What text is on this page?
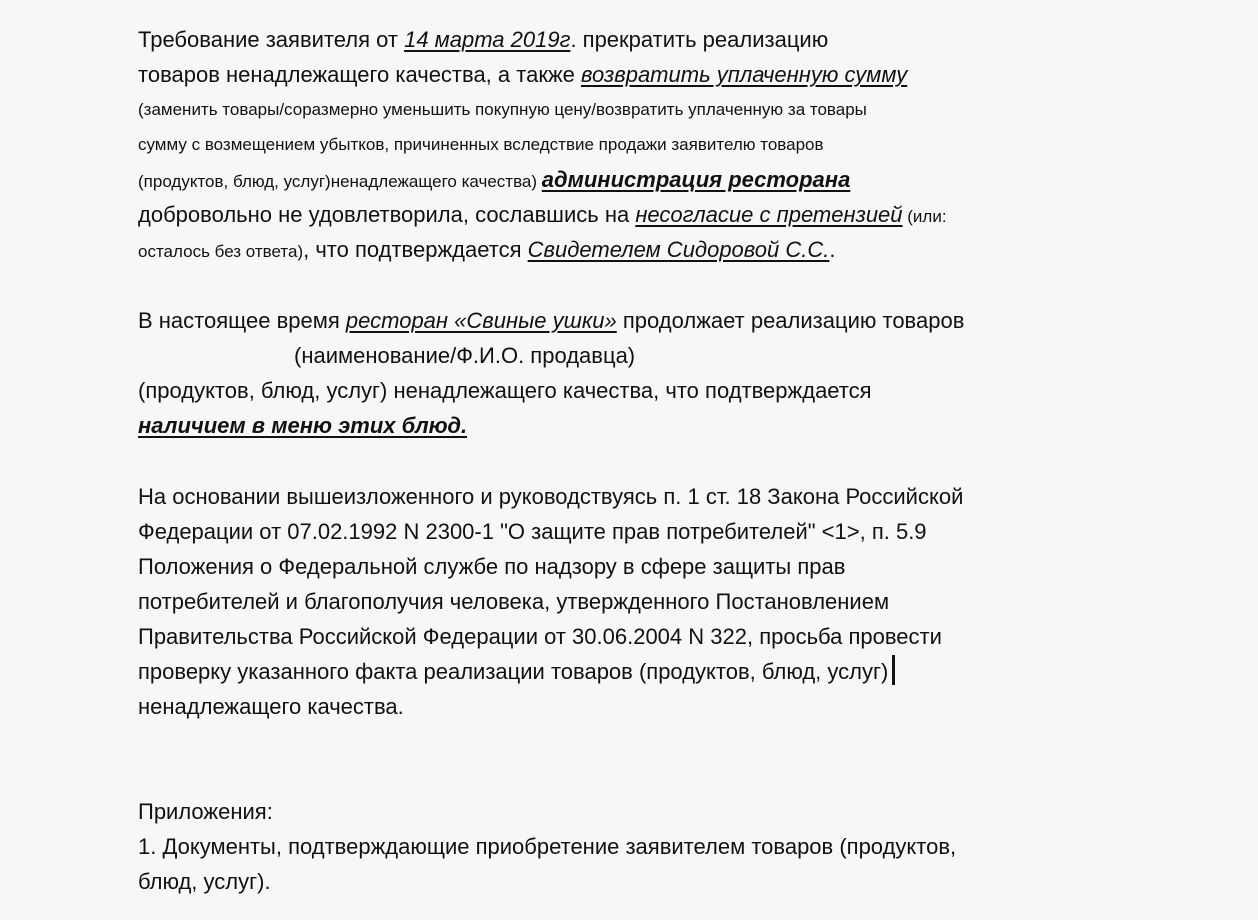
Требование заявителя от 14 марта 2019г. прекратить реализацию
товаров ненадлежащего качества, а также возвратить уплаченную сумму
(заменить товары/соразмерно уменьшить покупную цену/возвратить уплаченную за товары
сумму с возмещением убытков, причиненных вследствие продажи заявителю товаров
(продуктов, блюд, услуг)ненадлежащего качества) администрация ресторана
добровольно не удовлетворила, сославшись на несогласие с претензией (или:
осталось без ответа), что подтверждается Свидетелем Сидоровой С.С..
В настоящее время ресторан «Свиные ушки» продолжает реализацию товаров
(наименование/Ф.И.О. продавца)
(продуктов, блюд, услуг) ненадлежащего качества, что подтверждается
наличием в меню этих блюд.
На основании вышеизложенного и руководствуясь п. 1 ст. 18 Закона Российской
Федерации от 07.02.1992 N 2300-1 "О защите прав потребителей" <1>, п. 5.9
Положения о Федеральной службе по надзору в сфере защиты прав
потребителей и благополучия человека, утвержденного Постановлением
Правительства Российской Федерации от 30.06.2004 N 322, просьба провести
проверку указанного факта реализации товаров (продуктов, блюд, услуг)
ненадлежащего качества.
Приложения:
1. Документы, подтверждающие приобретение заявителем товаров (продуктов,
блюд, услуг).
